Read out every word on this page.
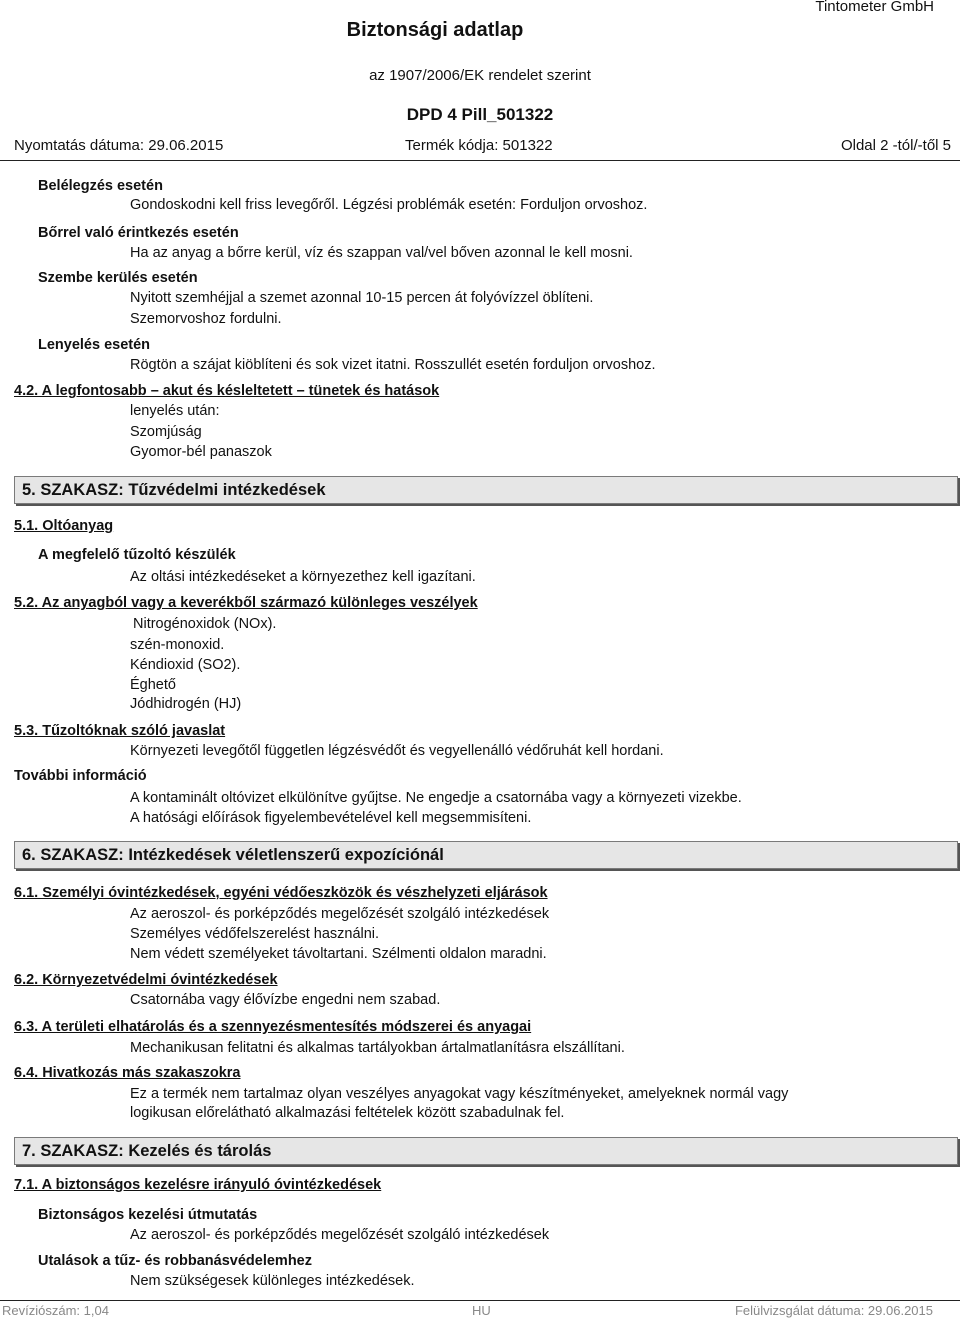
Tintometer GmbH
Biztonsági adatlap
az 1907/2006/EK rendelet szerint
DPD 4 Pill_501322
Nyomtatás dátuma: 29.06.2015	Termék kódja: 501322	Oldal 2 -tól/-től 5
Belélegzés esetén
Gondoskodni kell friss levegőről. Légzési problémák esetén: Forduljon orvoshoz.
Bőrrel való érintkezés esetén
Ha az anyag a bőrre kerül, víz és szappan val/vel bőven azonnal le kell mosni.
Szembe kerülés esetén
Nyitott szemhéjjal a szemet azonnal 10-15 percen át folyóvízzel öblíteni.
Szemorvoshoz fordulni.
Lenyelés esetén
Rögtön a szájat kiöblíteni és sok vizet itatni. Rosszullét esetén forduljon orvoshoz.
4.2. A legfontosabb – akut és késleltetett – tünetek és hatások
lenyelés után:
Szomjúság
Gyomor-bél panaszok
5. SZAKASZ: Tűzvédelmi intézkedések
5.1. Oltóanyag
A megfelelő tűzoltó készülék
Az oltási intézkedéseket a környezethez kell igazítani.
5.2. Az anyagból vagy a keverékből származó különleges veszélyek
Nitrogénoxidok (NOx).
szén-monoxid.
Kéndioxid (SO2).
Éghető
Jódhidrogén (HJ)
5.3. Tűzoltóknak szóló javaslat
Környezeti levegőtől független légzésvédőt és vegyellenálló védőruhát kell hordani.
További információ
A kontaminált oltóvizet elkülönítve gyűjtse. Ne engedje a csatornába vagy a környezeti vizekbe.
A hatósági előírások figyelembevételével kell megsemmisíteni.
6. SZAKASZ: Intézkedések véletlenszerű expozíciónál
6.1. Személyi óvintézkedések, egyéni védőeszközök és vészhelyzeti eljárások
Az aeroszol- és porképződés megelőzését szolgáló intézkedések
Személyes védőfelszerelést használni.
Nem védett személyeket távoltartani. Szélmenti oldalon maradni.
6.2. Környezetvédelmi óvintézkedések
Csatornába vagy élővízbe engedni nem szabad.
6.3. A területi elhatárolás és a szennyezésmentesítés módszerei és anyagai
Mechanikusan felitatni és alkalmas tartályokban ártalmatlanításra elszállítani.
6.4. Hivatkozás más szakaszokra
Ez a termék nem tartalmaz olyan veszélyes anyagokat vagy készítményeket, amelyeknek normál vagy
logikusan előrelátható alkalmazási feltételek között szabadulnak fel.
7. SZAKASZ: Kezelés és tárolás
7.1. A biztonságos kezelésre irányuló óvintézkedések
Biztonságos kezelési útmutatás
Az aeroszol- és porképződés megelőzését szolgáló intézkedések
Utalások a tűz- és robbanásvédelemhez
Nem szükségesek különleges intézkedések.
Revíziószám: 1,04	HU	Felülvizsgálat dátuma: 29.06.2015
